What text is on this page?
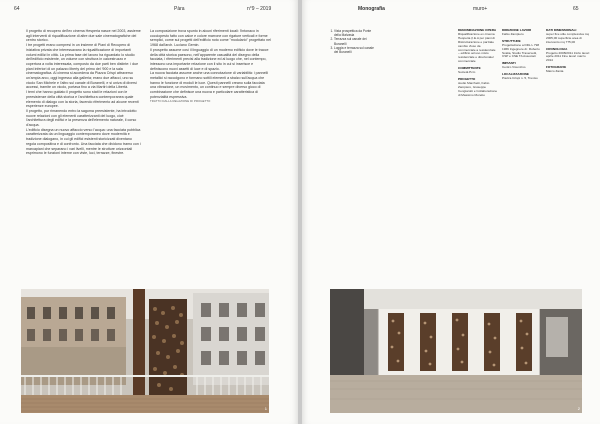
64	Pàra	n°9 – 2019

Il progetto di recupero dell'ex cinema Hesperia nasce nel 2003, assieme agli interventi di riqualificazione di altre due sale cinematografiche del centro storico.

I tre progetti erano compresi in un insieme di Piani di Recupero di iniziativa privata che interessavano la riqualificazione di importanti volumi edilizi in città. La prima fase del lavoro ha riguardato lo studio dell'edificio esistente, un volume con struttura in calcestruzzo e copertura a volta interessata, composto da due parti ben distinte: i due piani inferiori di un palazzo liberty del primo del '900 e la sala cinematografica. Al cinema si accedeva da Piazza Crispi attraverso un'ampia arco, oggi ingresso alla galleria; erano due affacci, uno su vicolo San Michele e l'altro sul canale di Buranelli, e si univa di diversi accessi, tramite un vicolo, portava fino a via Martiri della Libertà.

I temi che hanno guidato il progetto sono stati le relazioni con le preesistenze della città storica e l'architettura contemporanea quale elemento di dialogo con la storia, facendo riferimento ad alcune recenti esperienze europee.

Il progetto, pur rimanendo entro la sagoma preesistente, ha introdotto nuove relazioni con gli elementi caratterizzanti del luogo, cioè l'architettura degli edifici e la presenza dell'elemento naturale, il corso d'acqua.

L'edificio disegna un nuovo affaccio verso l'acqua: una facciata pubblica caratterizzata da un linguaggio contemporaneo dove modernità e tradizione dialogano, in cui gli edifici esistenti storicizzati diventano regola compositiva e di confronto. Una facciata che dividono tramo con i marcapiani che separano i vari livelli, mentre le strutture orizzontali esprimono le funzioni interne con viste, luci, terrazze, finestre.

La composizione trova spunto in alcuni riferimenti locali: l'intonaco in cocciopesto fatto con calce e colore marrone con rigature verticali e forme semplici, come sui progetti dell'edificio noto come "modulario" progettato nel 1968 dall'arch. Luciano Gemin.

Il prospetto assume così il linguaggio di un moderno edificio dove le tracce della città storica paesono, nell'apparente casualità del disegno della facciata, i riferimenti precisi alla tradizione ed al luogo che, nel contempo, intessono una importante relazione con il sito in cui si inserisce e definiscono nuovi assetti di luce e di spazio.

La nuova facciata assume anche una connotazione di variabilità: i pannelli metallici si raccolgono e formano sottili elementi a sbalzo sull'acqua che hanno le funzione di moduli le luce. Questi pannelli creano sulla facciata una vibrazione, un movimento, un continuo e sempre diverso gioco di combinazione che definisce una nuova e particolare caratteristica di potenzialità espressiva.

TRATTO DALLA RELAZIONE DI PROGETTO

1
Monografia	muro+	65
1. Vista prospettica da Ponte della Malvasia
2. Terrazza sul canale dei Buranelli
3. Loggia e terrazza sul canale dei Buranelli
DENOMINAZIONE OPERA
Riqualificazione ex cinema Hesperia (I.E.A per piani di Ristrutturazione e parziale cambio d'uso da commerciale a residenziale – edificio ad uso misto residenziale e direzionale/ commerciale
COMMITTENTE
Società Pcm
PROGETTO
studio Marchetti, Fabio Zampiero, Giuseppe Cengiarotti e Collaborazione di Massimo Moretto
DIREZIONE LAVORI
Fabio Zampiero
STRUTTURE
Progettazione a DDL L 798 1966 Ingegnere dr. Roberto Scalia, Studio Traversetti, CSP e CSE TA Associati
IMPIANTI
Centro Vicenzino
LOCALIZZAZIONE
Piazza Crispi n. 5, Treviso
DATI DIMENSIONALI
super fice utile complessiva mq 2005,00 superficie area di intervento mq 775,00
CRONOLOGIA
Progetto 2008/2011 Inizio lavori aprile 2011 Fine lavori marzo 2014
FOTOGRAFIE
Marco Zanta
2
